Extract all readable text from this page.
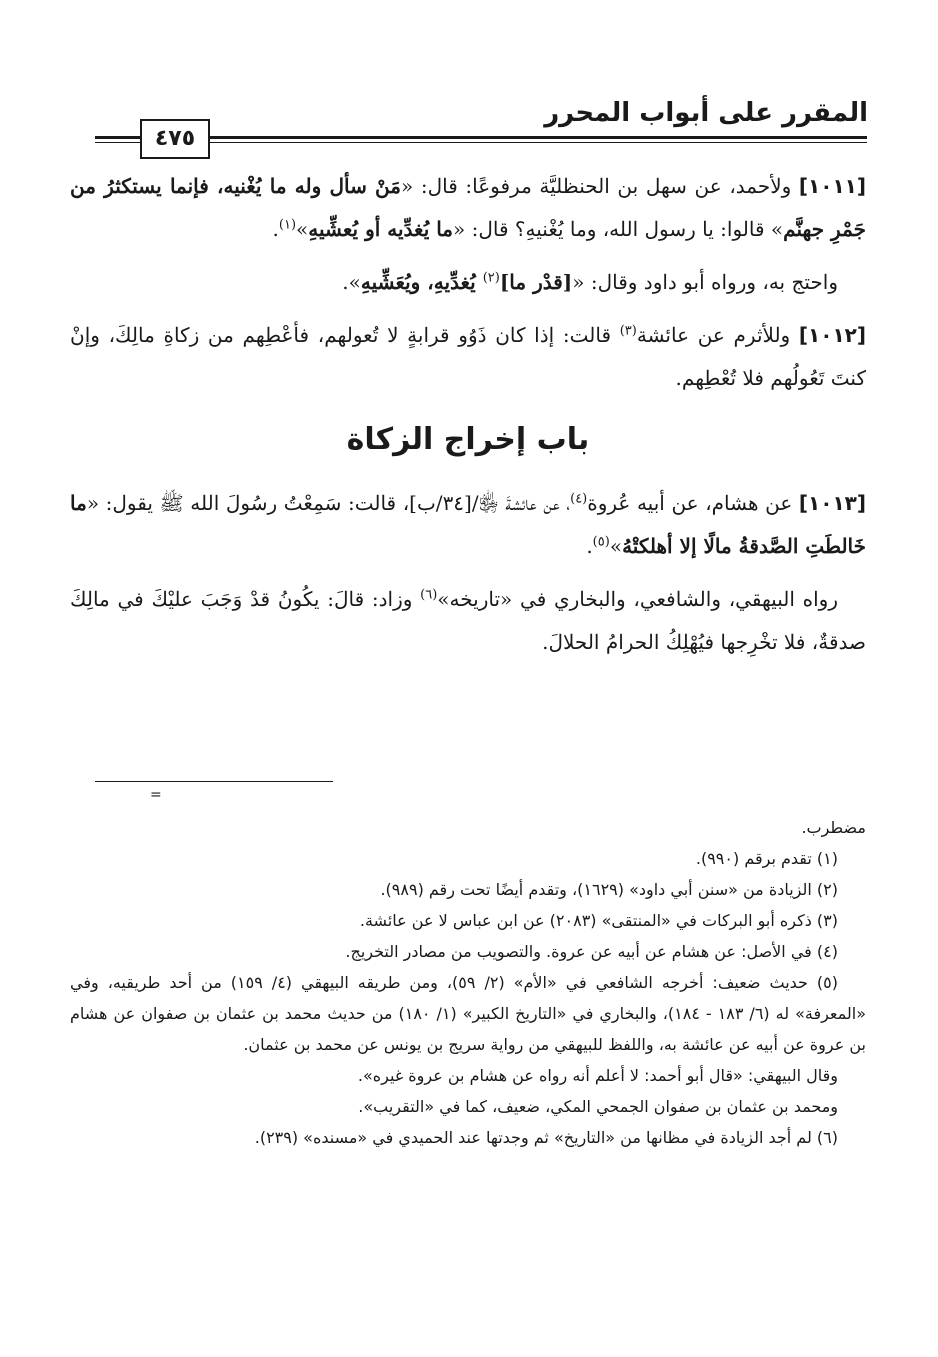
المقرر على أبواب المحرر
٤٧٥

[١٠١١] ولأحمد، عن سهل بن الحنظليَّة مرفوعًا: قال: «مَنْ سأل وله ما يُغْنيه، فإنما يستكثرُ من جَمْرِ جهنَّم» قالوا: يا رسول الله، وما يُغْنيهِ؟ قال: «ما يُغدِّيه أو يُعشِّيهِ»$^{(١)}$.

واحتج به، ورواه أبو داود وقال: «[قدْر ما]$^{(٢)}$ يُغدِّيهِ، ويُعَشِّيهِ».

[١٠١٢] وللأثرم عن عائشة$^{(٣)}$ قالت: إذا كان ذَوُو قرابةٍ لا تُعولهم، فأعْطِهم من زكاةِ مالِكَ، وإنْ كنتَ تَعُولُهم فلا تُعْطِهم.

باب إخراج الزكاة

[١٠١٣] عن هشام، عن أبيه عُروة$^{(٤)}$، عن عائشةَ ﵂/[٣٤/ب]، قالت: سَمِعْتُ رسُولَ الله ﷺ يقول: «ما خَالطَتِ الصَّدقةُ مالًا إلا أهلكتْهُ»$^{(٥)}$.

رواه البيهقي، والشافعي، والبخاري في «تاريخه»$^{(٦)}$ وزاد: قالَ: يكُونُ قدْ وَجَبَ عليْكَ في مالِكَ صدقةٌ، فلا تخْرِجها فيُهْلِكُ الحرامُ الحلالَ.

=

مضطرب.

(١) تقدم برقم (٩٩٠).

(٢) الزيادة من «سنن أبي داود» (١٦٢٩)، وتقدم أيضًا تحت رقم (٩٨٩).

(٣) ذكره أبو البركات في «المنتقى» (٢٠٨٣) عن ابن عباس لا عن عائشة.

(٤) في الأصل: عن هشام عن أبيه عن عروة. والتصويب من مصادر التخريج.

(٥) حديث ضعيف: أخرجه الشافعي في «الأم» (٢/ ٥٩)، ومن طريقه البيهقي (٤/ ١٥٩) من أحد طريقيه، وفي «المعرفة» له (٦/ ١٨٣ - ١٨٤)، والبخاري في «التاريخ الكبير» (١/ ١٨٠) من حديث محمد بن عثمان بن صفوان عن هشام بن عروة عن أبيه عن عائشة به، واللفظ للبيهقي من رواية سريج بن يونس عن محمد بن عثمان.

وقال البيهقي: «قال أبو أحمد: لا أعلم أنه رواه عن هشام بن عروة غيره».

ومحمد بن عثمان بن صفوان الجمحي المكي، ضعيف، كما في «التقريب».

(٦) لم أجد الزيادة في مظانها من «التاريخ» ثم وجدتها عند الحميدي في «مسنده» (٢٣٩).
